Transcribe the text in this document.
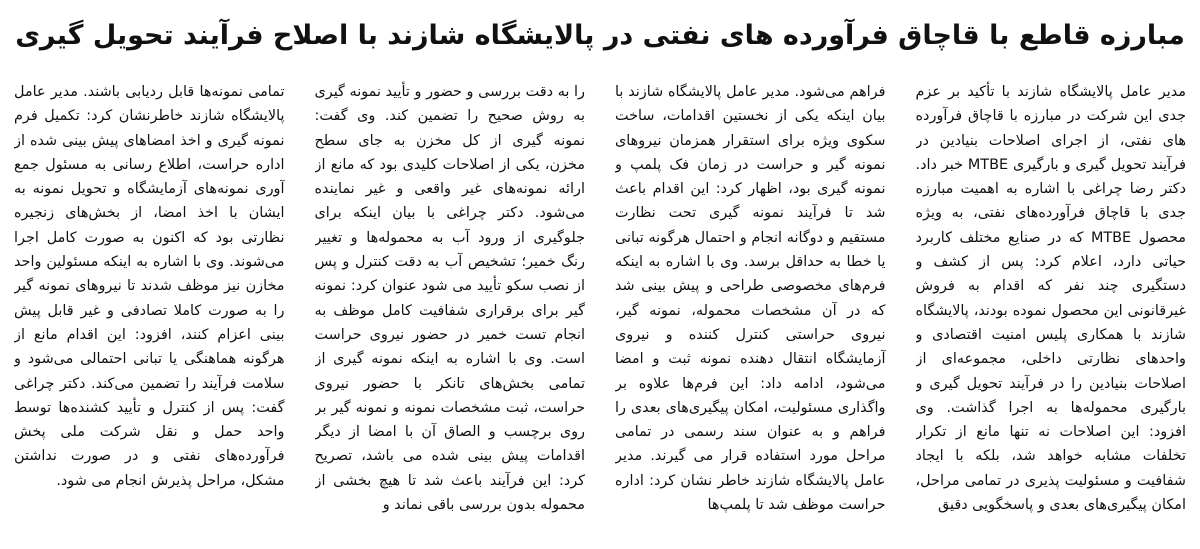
مبارزه قاطع با قاچاق فرآورده های نفتی در پالایشگاه شازند با اصلاح فرآیند تحویل گیری

مدیر عامل پالایشگاه شازند با تأکید بر عزم جدی این شرکت در مبارزه با قاچاق فرآورده های نفتی، از اجرای اصلاحات بنیادین در فرآیند تحویل گیری و بارگیری MTBE خبر داد. دکتر رضا چراغی با اشاره به اهمیت مبارزه جدی با قاچاق فرآورده‌های نفتی، به ویژه محصول MTBE که در صنایع مختلف کاربرد حیاتی دارد، اعلام کرد: پس از کشف و دستگیری چند نفر که اقدام به فروش غیرقانونی این محصول نموده بودند، پالایشگاه شازند با همکاری پلیس امنیت اقتصادی و واحدهای نظارتی داخلی، مجموعه‌ای از اصلاحات بنیادین را در فرآیند تحویل گیری و بارگیری محموله‌ها به اجرا گذاشت. وی افزود: این اصلاحات نه تنها مانع از تکرار تخلفات مشابه خواهد شد، بلکه با ایجاد شفافیت و مسئولیت پذیری در تمامی مراحل، امکان پیگیری‌های بعدی و پاسخگویی دقیق

فراهم می‌شود. مدیر عامل پالایشگاه شازند با بیان اینکه یکی از نخستین اقدامات، ساخت سکوی ویژه برای استقرار همزمان نیروهای نمونه گیر و حراست در زمان فک پلمپ و نمونه گیری بود، اظهار کرد: این اقدام باعث شد تا فرآیند نمونه گیری تحت نظارت مستقیم و دوگانه انجام و احتمال هرگونه تبانی یا خطا به حداقل برسد. وی با اشاره به اینکه فرم‌های مخصوصی طراحی و پیش بینی شد که در آن مشخصات محموله، نمونه گیر، نیروی حراستی کنترل کننده و نیروی آزمایشگاه انتقال دهنده نمونه ثبت و امضا می‌شود، ادامه داد: این فرم‌ها علاوه بر واگذاری مسئولیت، امکان پیگیری‌های بعدی را فراهم و به عنوان سند رسمی در تمامی مراحل مورد استفاده قرار می گیرند. مدیر عامل پالایشگاه شازند خاطر نشان کرد: اداره حراست موظف شد تا پلمپ‌ها

را به دقت بررسی و حضور و تأیید نمونه گیری به روش صحیح را تضمین کند. وی گفت: نمونه گیری از کل مخزن به جای سطح مخزن، یکی از اصلاحات کلیدی بود که مانع از ارائه نمونه‌های غیر واقعی و غیر نماینده می‌شود. دکتر چراغی با بیان اینکه برای جلوگیری از ورود آب به محموله‌ها و تغییر رنگ خمیر؛ تشخیص آب به دقت کنترل و پس از نصب سکو تأیید می شود عنوان کرد: نمونه گیر برای برقراری شفافیت کامل موظف به انجام تست خمیر در حضور نیروی حراست است. وی با اشاره به اینکه نمونه گیری از تمامی بخش‌های تانکر با حضور نیروی حراست، ثبت مشخصات نمونه و نمونه گیر بر روی برچسب و الصاق آن با امضا از دیگر اقدامات پیش بینی شده می باشد، تصریح کرد: این فرآیند باعث شد تا هیچ بخشی از محموله بدون بررسی باقی نماند و

تمامی نمونه‌ها قابل ردیابی باشند. مدیر عامل پالایشگاه شازند خاطرنشان کرد: تکمیل فرم نمونه گیری و اخذ امضاهای پیش بینی شده از اداره حراست، اطلاع رسانی به مسئول جمع آوری نمونه‌های آزمایشگاه و تحویل نمونه به ایشان با اخذ امضا، از بخش‌های زنجیره نظارتی بود که اکنون به صورت کامل اجرا می‌شوند. وی با اشاره به اینکه مسئولین واحد مخازن نیز موظف شدند تا نیروهای نمونه گیر را به صورت کاملا تصادفی و غیر قابل پیش بینی اعزام کنند، افزود: این اقدام مانع از هرگونه هماهنگی یا تبانی احتمالی می‌شود و سلامت فرآیند را تضمین می‌کند. دکتر چراغی گفت: پس از کنترل و تأیید کشنده‌ها توسط واحد حمل و نقل شرکت ملی پخش فرآورده‌های نفتی و در صورت نداشتن مشکل، مراحل پذیرش انجام می شود.
